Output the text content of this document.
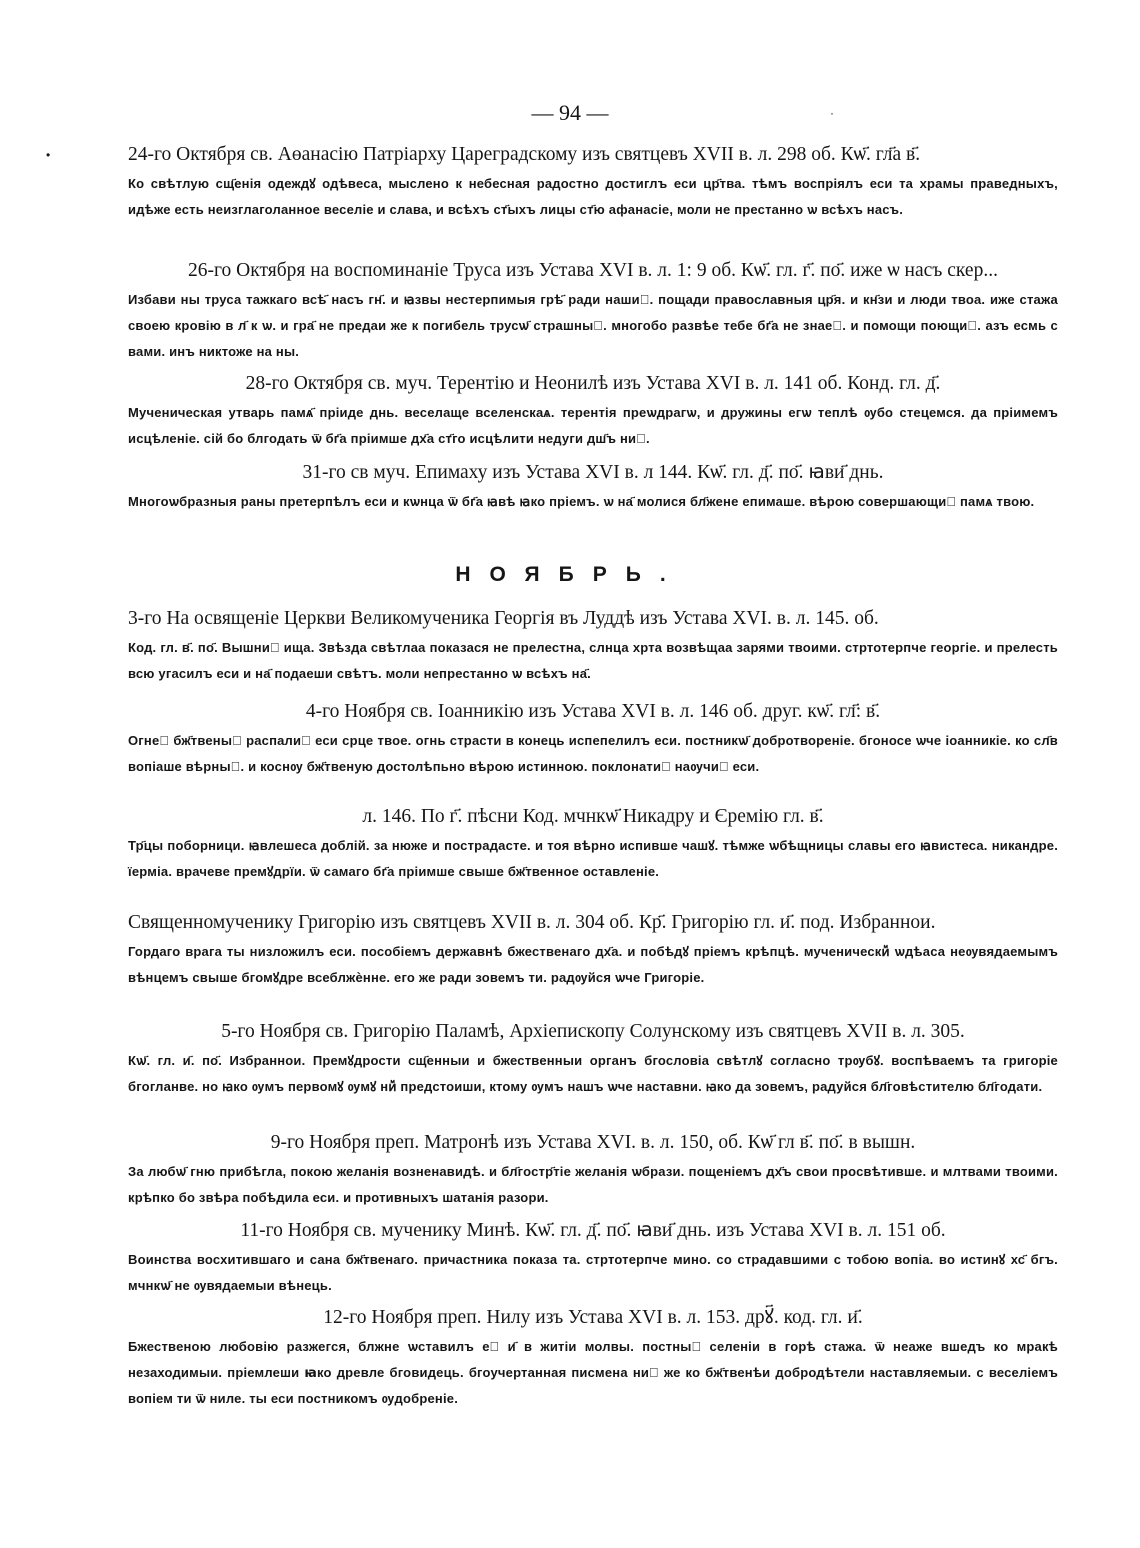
•
·
— 94 —
24-го Октября св. Аөанасію Патріарху Цареградскому изъ святцевъ XVII в. л. 298 об. Кѡ҃. гл҃а в҃.
Ко свѣтлую сщ҃енія одеждꙋ одѣвеса, мыслено к небесная радостно достиглъ еси цр҃тва. тѣмъ воспріялъ еси та храмы праведныхъ, идѣже есть неизглаголанное веселіе и слава, и всѣхъ ст҃ыхъ лицы ст҃ю афанасіе, моли не престанно ѡ всѣхъ насъ.
26-го Октября на воспоминаніе Труса изъ Устава XVI в. л. 1: 9 об. Кѡ҃. гл. г҃. по҃. иже ѡ насъ скер...
Избави ны труса тажкаго всѣ҃ насъ гн҃. и ꙗзвы нестерпимыя грѣ҃ ради нашиⷯ. пощади православныя цр҃я. и кн҃зи и люди твоа. иже стажа своею кровію в л҃ к ѡ. и гра҃ не предаи же к погибель трусѡ҃ страшныⷯ. многобо развѣе тебе бг҃а не знаеⷨ. и помощи поющиⷨ. азъ есмь с вами. инъ никтоже на ны.
28-го Октября св. муч. Терентію и Неонилѣ изъ Устава XVI в. л. 141 об. Конд. гл. д҃.
Мученическая утварь памѧ҃ пріиде днь. веселаще вселенскаѧ. терентія преѡдрагѡ, и дружины егѡ теплѣ ѹбо стецемся. да пріимемъ исцѣленіе. сій бо блгодать ѿ бг҃а пріимше дх҃а ст҃го исцѣлити недуги дш҃ъ ниⷯ.
31-го св муч. Епимаху изъ Устава XVI в. л 144. Кѡ҃. гл. д҃. по҃. ꙗви҃ днь.
Многоѡбразныя раны претерпѣлъ еси и кѡнца ѿ бг҃а ꙗвѣ ꙗко пріемъ. ѡ на҃ молися бл҃жене епимаше. вѣрою совершающиⷨ памѧ твою.
НОЯБРЬ.
3-го На освященіе Церкви Великомученика Георгія въ Луддѣ изъ Устава XVI. в. л. 145. об.
Код. гл. в҃. по҃. Вышниⷨ ища. Звѣзда свѣтлаа показася не прелестна, слнца хрта возвѣщаа зарями твоими. стртотерпче георгіе. и прелесть всю угасилъ еси и на҃ подаеши свѣтъ. моли непрестанно ѡ всѣхъ на҃.
4-го Ноября св. Іоанникію изъ Устава XVI в. л. 146 об. друг. кѡ҃. гл҃: в҃.
Огнеⷨ бж҃твеныⷨ распалиⷨ еси срце твое. огнь страсти в конець испепелилъ еси. постникѡ҃ добротвореніе. бгоносе ѡче іоанникіе. ко сл҃в вопіаше вѣрныⷨ. и коснѹ бж҃твеную достолѣпьно вѣрою истинною. поклонатиⷨ наѹчиⷨ еси.
л. 146. По г҃. пѣсни Код. мчнкѡ҃ Никадру и Єремію гл. в҃.
Тр҃цы поборници. ꙗвлешеса доблій. за нюже и пострадасте. и тоя вѣрно испивше чашꙋ. тѣмже ѡбѣщницы славы его ꙗвистеса. никандре. їерміа. врачеве премꙋдрїи. ѿ самаго бг҃а пріимше свыше бж҃твенное оставленіе.
Священномученику Григорію изъ святцевъ XVII в. л. 304 об. Кр҃. Григорію гл. и҃. под. Избраннои.
Гордаго врага ты низложилъ еси. пособіемъ державнѣ бжественаго дх҃а. и побѣдꙋ пріемъ крѣпцѣ. мученическиⷨ ѡдѣаса неѹвядаемымъ вѣнцемъ свыше бгомꙋдре всеблжѐнне. его же ради зовемъ ти. радѹйся ѡче Григоріе.
5-го Ноября св. Григорію Паламѣ, Архіепископу Солунскому изъ святцевъ XVII в. л. 305.
Кѡ҃. гл. и҃. по҃. Избраннои. Премꙋдрости сщ҃енныи и бжественныи органъ бгословіа свѣтлꙋ согласно трѹбꙋ. воспѣваемъ та григоріе бгогланве. но ꙗко ѹмъ первомꙋ ѹмꙋ ниⷨ предстоиши, ктому ѹмъ нашъ ѡче наставни. ꙗко да зовемъ, радуйся бл҃говѣстителю бл҃годати.
9-го Ноября преп. Матронѣ изъ Устава XVI. в. л. 150, об. Кѡ҃ гл в҃. по҃. в вышн.
За любѡ҃ гню прибѣгла, покою желанія возненавидѣ. и бл҃гостр҃тіе желанія ѡбрази. пощеніемъ дх҃ъ свои просвѣтивше. и млтвами твоими. крѣпко бо звѣра побѣдила еси. и противныхъ шатанія разори.
11-го Ноября св. мученику Минѣ. Кѡ҃. гл. д҃. по҃. ꙗви҃ днь. изъ Устава XVI в. л. 151 об.
Воинства восхитившаго и сана бж҃твенаго. причастника показа та. стртотерпче мино. со страдавшими с тобою вопіа. во истинꙋ хс҃ бгъ. мчнкѡ҃ не ѹвядаемыи вѣнець.
12-го Ноября преп. Нилу изъ Устава XVI в. л. 153. дрꙋ҃. код. гл. и҃.
Бжественою любовію разжегся, блжне ѡставилъ еⷭ и҃ в житіи молвы. постныⷨ селеніи в горѣ стажа. ѿ неаже вшедъ ко мракѣ незаходимыи. пріемлеши ꙗко древле бговидець. бгоучертанная писмена ниⷨ же ко бж҃твенѣи добродѣтели наставляемыи. с веселіемъ вопіем ти ѿ ниле. ты еси постникомъ ѹдобреніе.
